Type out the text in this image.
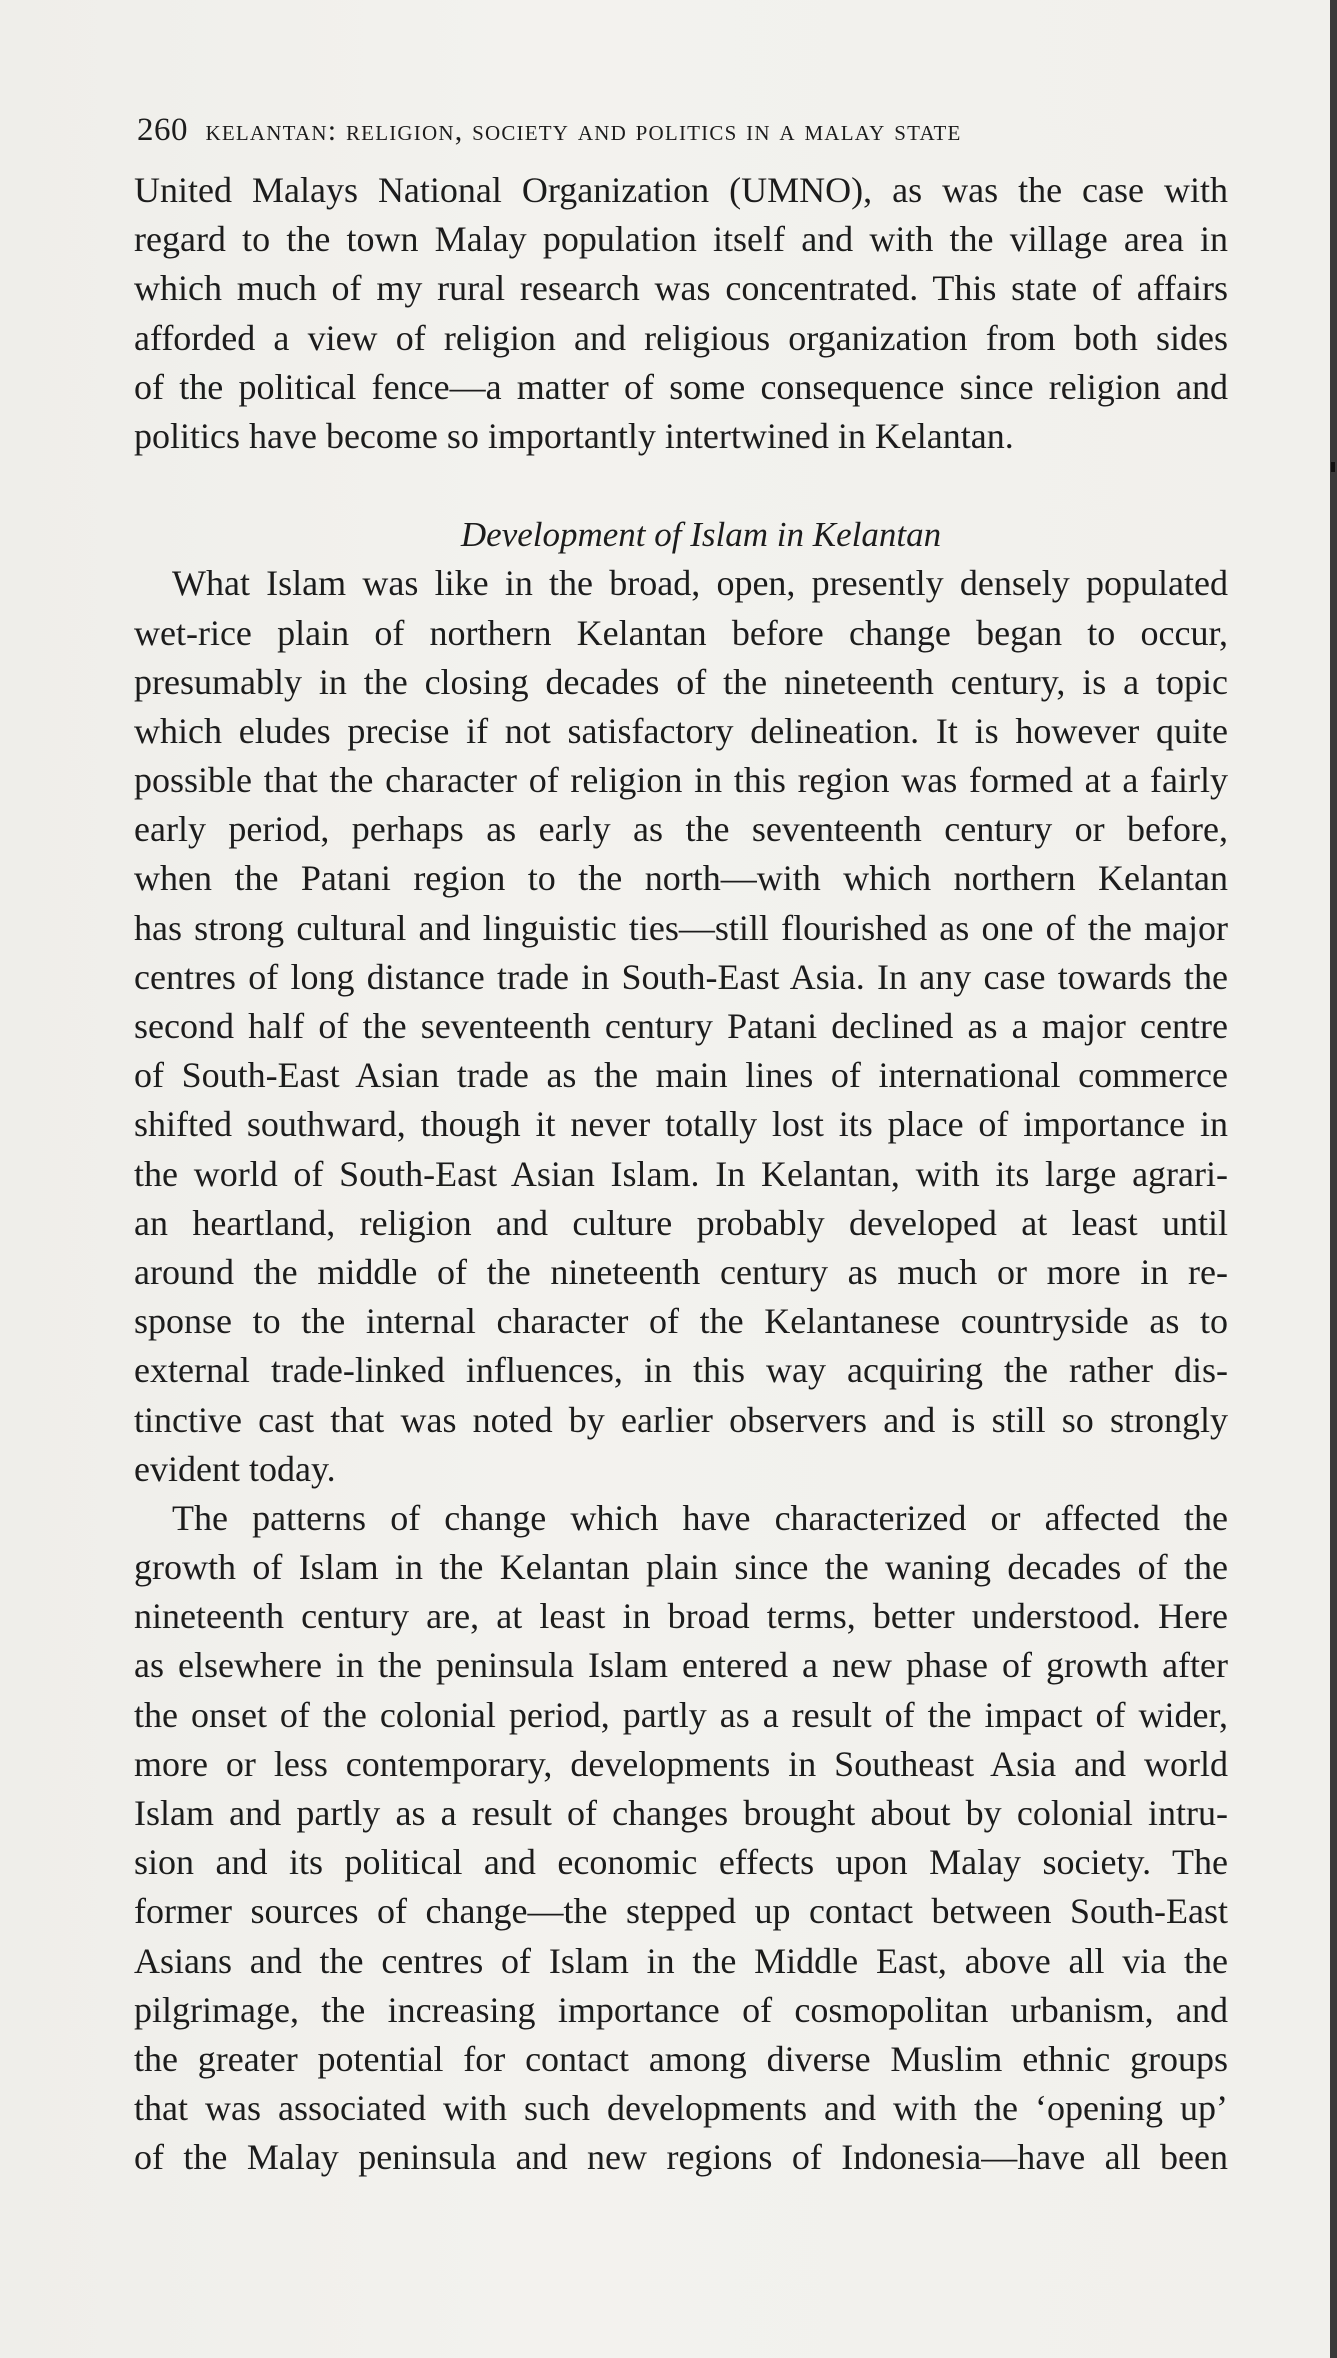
260 kelantan: religion, society and politics in a malay state
United Malays National Organization (UMNO), as was the case with
regard to the town Malay population itself and with the village area in
which much of my rural research was concentrated. This state of affairs
afforded a view of religion and religious organization from both sides
of the political fence—a matter of some consequence since religion and
politics have become so importantly intertwined in Kelantan.
Development of Islam in Kelantan
What Islam was like in the broad, open, presently densely populated
wet-rice plain of northern Kelantan before change began to occur,
presumably in the closing decades of the nineteenth century, is a topic
which eludes precise if not satisfactory delineation. It is however quite
possible that the character of religion in this region was formed at a fairly
early period, perhaps as early as the seventeenth century or before,
when the Patani region to the north—with which northern Kelantan
has strong cultural and linguistic ties—still flourished as one of the major
centres of long distance trade in South-East Asia. In any case towards the
second half of the seventeenth century Patani declined as a major centre
of South-East Asian trade as the main lines of international commerce
shifted southward, though it never totally lost its place of importance in
the world of South-East Asian Islam. In Kelantan, with its large agrari-
an heartland, religion and culture probably developed at least until
around the middle of the nineteenth century as much or more in re-
sponse to the internal character of the Kelantanese countryside as to
external trade-linked influences, in this way acquiring the rather dis-
tinctive cast that was noted by earlier observers and is still so strongly
evident today.
The patterns of change which have characterized or affected the
growth of Islam in the Kelantan plain since the waning decades of the
nineteenth century are, at least in broad terms, better understood. Here
as elsewhere in the peninsula Islam entered a new phase of growth after
the onset of the colonial period, partly as a result of the impact of wider,
more or less contemporary, developments in Southeast Asia and world
Islam and partly as a result of changes brought about by colonial intru-
sion and its political and economic effects upon Malay society. The
former sources of change—the stepped up contact between South-East
Asians and the centres of Islam in the Middle East, above all via the
pilgrimage, the increasing importance of cosmopolitan urbanism, and
the greater potential for contact among diverse Muslim ethnic groups
that was associated with such developments and with the ‘opening up’
of the Malay peninsula and new regions of Indonesia—have all been
